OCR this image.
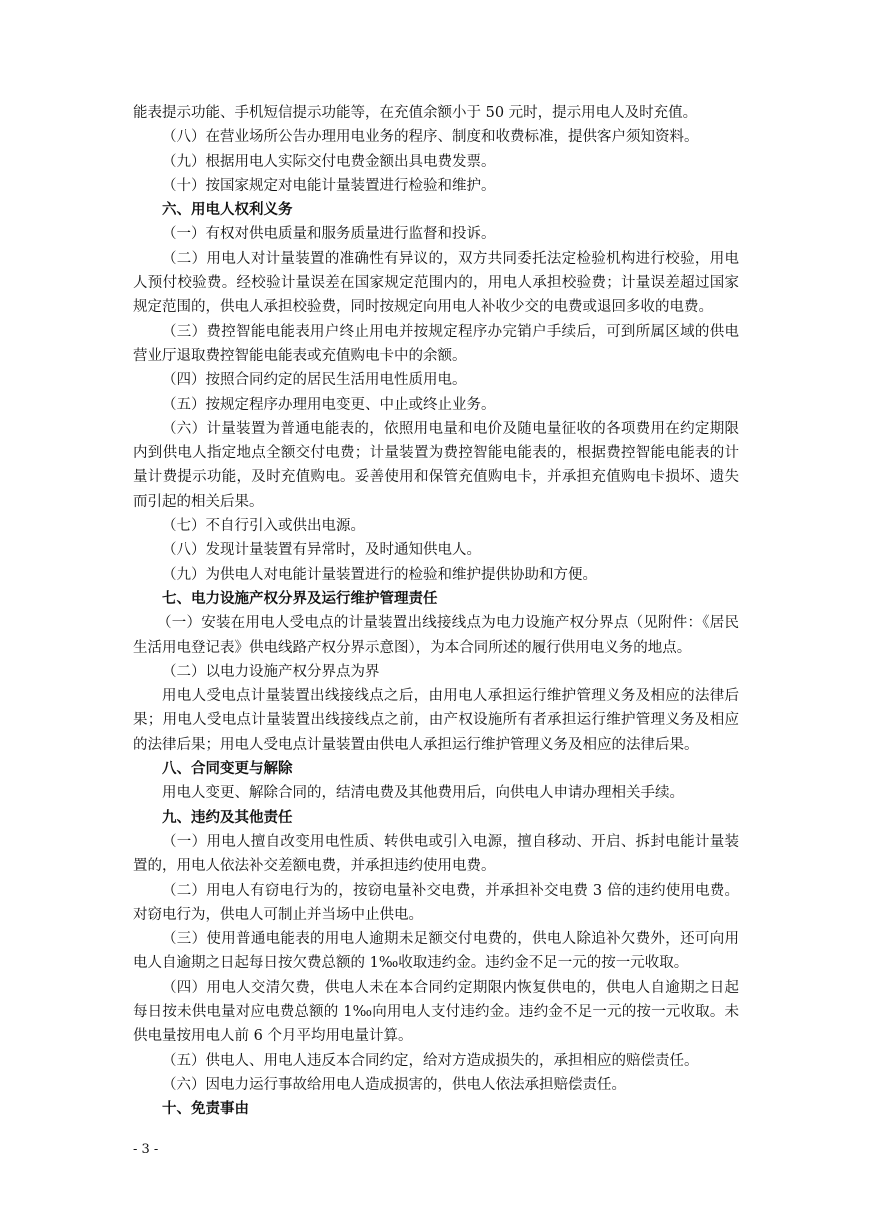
能表提示功能、手机短信提示功能等，在充值余额小于 50 元时，提示用电人及时充值。

（八）在营业场所公告办理用电业务的程序、制度和收费标准，提供客户须知资料。

（九）根据用电人实际交付电费金额出具电费发票。

（十）按国家规定对电能计量装置进行检验和维护。

六、用电人权利义务

（一）有权对供电质量和服务质量进行监督和投诉。

（二）用电人对计量装置的准确性有异议的，双方共同委托法定检验机构进行校验，用电人预付校验费。经校验计量误差在国家规定范围内的，用电人承担校验费；计量误差超过国家规定范围的，供电人承担校验费，同时按规定向用电人补收少交的电费或退回多收的电费。

（三）费控智能电能表用户终止用电并按规定程序办完销户手续后，可到所属区域的供电营业厅退取费控智能电能表或充值购电卡中的余额。

（四）按照合同约定的居民生活用电性质用电。

（五）按规定程序办理用电变更、中止或终止业务。

（六）计量装置为普通电能表的，依照用电量和电价及随电量征收的各项费用在约定期限内到供电人指定地点全额交付电费；计量装置为费控智能电能表的，根据费控智能电能表的计量计费提示功能，及时充值购电。妥善使用和保管充值购电卡，并承担充值购电卡损坏、遗失而引起的相关后果。

（七）不自行引入或供出电源。

（八）发现计量装置有异常时，及时通知供电人。

（九）为供电人对电能计量装置进行的检验和维护提供协助和方便。

七、电力设施产权分界及运行维护管理责任

（一）安装在用电人受电点的计量装置出线接线点为电力设施产权分界点（见附件：《居民生活用电登记表》供电线路产权分界示意图），为本合同所述的履行供用电义务的地点。

（二）以电力设施产权分界点为界

用电人受电点计量装置出线接线点之后，由用电人承担运行维护管理义务及相应的法律后果；用电人受电点计量装置出线接线点之前，由产权设施所有者承担运行维护管理义务及相应的法律后果；用电人受电点计量装置由供电人承担运行维护管理义务及相应的法律后果。

八、合同变更与解除

用电人变更、解除合同的，结清电费及其他费用后，向供电人申请办理相关手续。

九、违约及其他责任

（一）用电人擅自改变用电性质、转供电或引入电源，擅自移动、开启、拆封电能计量装置的，用电人依法补交差额电费，并承担违约使用电费。

（二）用电人有窃电行为的，按窃电量补交电费，并承担补交电费 3 倍的违约使用电费。对窃电行为，供电人可制止并当场中止供电。

（三）使用普通电能表的用电人逾期未足额交付电费的，供电人除追补欠费外，还可向用电人自逾期之日起每日按欠费总额的 1‰收取违约金。违约金不足一元的按一元收取。

（四）用电人交清欠费，供电人未在本合同约定期限内恢复供电的，供电人自逾期之日起每日按未供电量对应电费总额的 1‰向用电人支付违约金。违约金不足一元的按一元收取。未供电量按用电人前 6 个月平均用电量计算。

（五）供电人、用电人违反本合同约定，给对方造成损失的，承担相应的赔偿责任。

（六）因电力运行事故给用电人造成损害的，供电人依法承担赔偿责任。

十、免责事由

- 3 -
